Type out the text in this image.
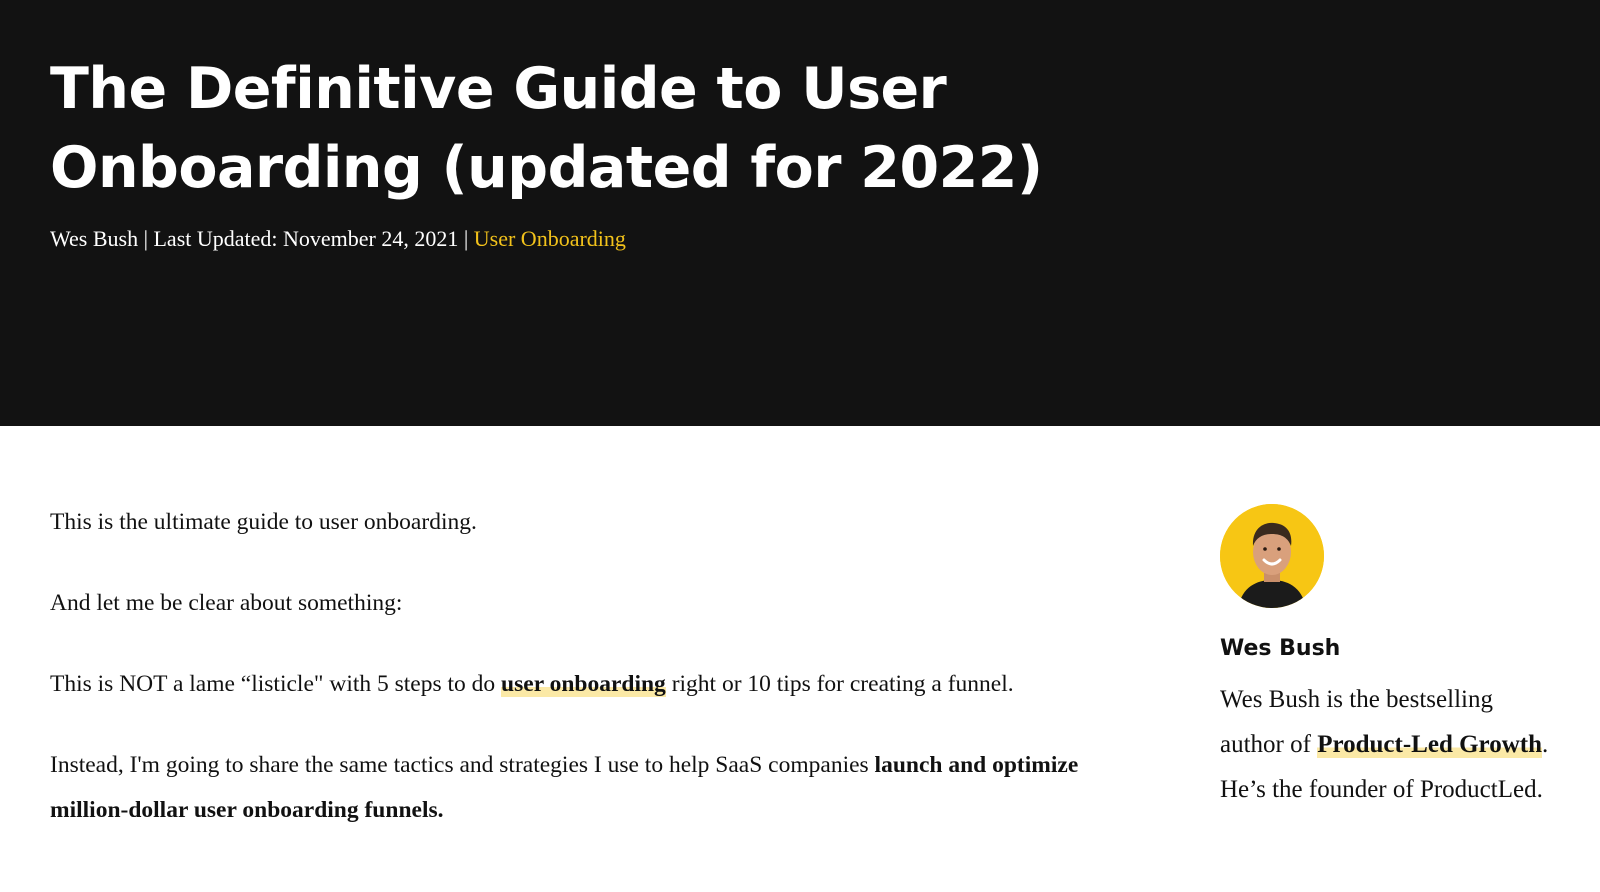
The Definitive Guide to User Onboarding (updated for 2022)
Wes Bush | Last Updated: November 24, 2021 | User Onboarding

This is the ultimate guide to user onboarding.

And let me be clear about something:

This is NOT a lame “listicle" with 5 steps to do user onboarding right or 10 tips for creating a funnel.

Instead, I'm going to share the same tactics and strategies I use to help SaaS companies launch and optimize million-dollar user onboarding funnels.

Wes Bush
Wes Bush is the bestselling author of Product-Led Growth. He’s the founder of ProductLed.
